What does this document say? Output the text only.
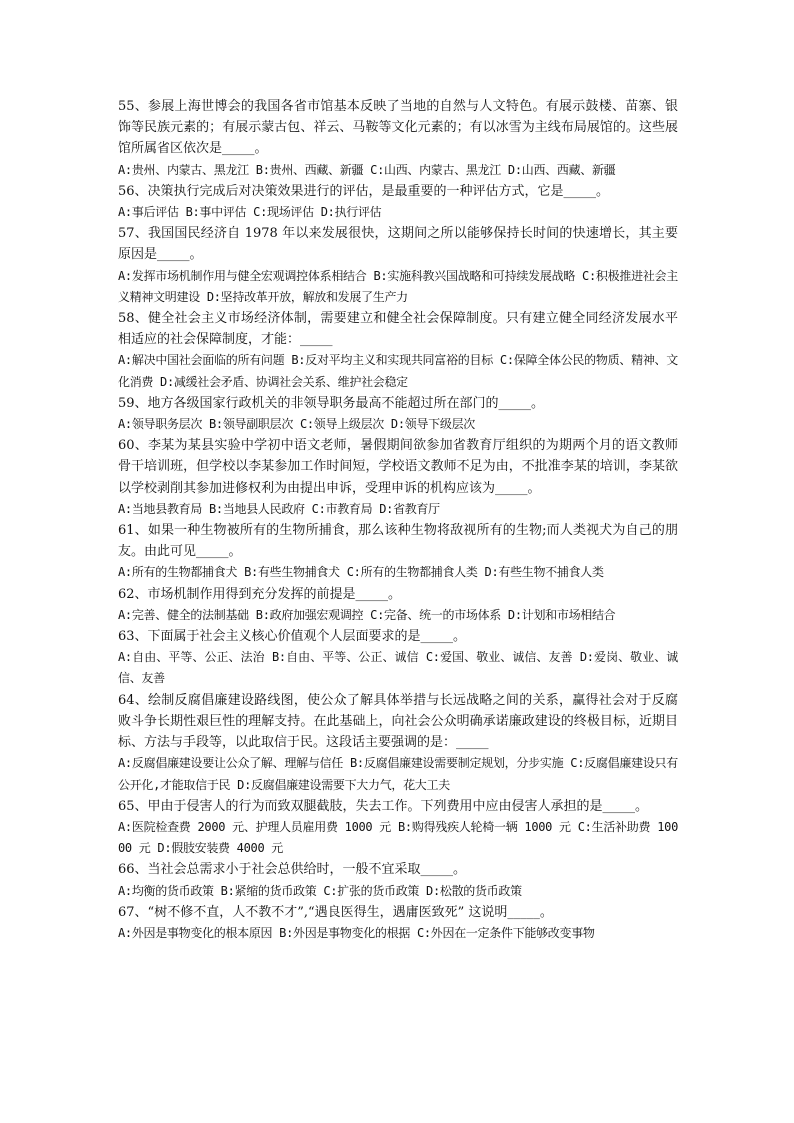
55、参展上海世博会的我国各省市馆基本反映了当地的自然与人文特色。有展示鼓楼、苗寨、银饰等民族元素的；有展示蒙古包、祥云、马鞍等文化元素的；有以冰雪为主线布局展馆的。这些展馆所属省区依次是_____。

A:贵州、内蒙古、黑龙江 B:贵州、西藏、新疆 C:山西、内蒙古、黑龙江 D:山西、西藏、新疆

56、决策执行完成后对决策效果进行的评估，是最重要的一种评估方式，它是_____。

A:事后评估 B:事中评估 C:现场评估 D:执行评估

57、我国国民经济自 1978 年以来发展很快，这期间之所以能够保持长时间的快速增长，其主要原因是_____。

A:发挥市场机制作用与健全宏观调控体系相结合 B:实施科教兴国战略和可持续发展战略 C:积极推进社会主义精神文明建设 D:坚持改革开放，解放和发展了生产力

58、健全社会主义市场经济体制，需要建立和健全社会保障制度。只有建立健全同经济发展水平相适应的社会保障制度，才能：_____

A:解决中国社会面临的所有问题 B:反对平均主义和实现共同富裕的目标 C:保障全体公民的物质、精神、文化消费 D:减缓社会矛盾、协调社会关系、维护社会稳定

59、地方各级国家行政机关的非领导职务最高不能超过所在部门的_____。

A:领导职务层次 B:领导副职层次 C:领导上级层次 D:领导下级层次

60、李某为某县实验中学初中语文老师，暑假期间欲参加省教育厅组织的为期两个月的语文教师骨干培训班，但学校以李某参加工作时间短，学校语文教师不足为由，不批准李某的培训，李某欲以学校剥削其参加进修权利为由提出申诉，受理申诉的机构应该为_____。

A:当地县教育局 B:当地县人民政府 C:市教育局 D:省教育厅

61、如果一种生物被所有的生物所捕食，那么该种生物将敌视所有的生物;而人类视犬为自己的朋友。由此可见_____。

A:所有的生物都捕食犬 B:有些生物捕食犬 C:所有的生物都捕食人类 D:有些生物不捕食人类

62、市场机制作用得到充分发挥的前提是_____。

A:完善、健全的法制基础 B:政府加强宏观调控 C:完备、统一的市场体系 D:计划和市场相结合

63、下面属于社会主义核心价值观个人层面要求的是_____。

A:自由、平等、公正、法治 B:自由、平等、公正、诚信 C:爱国、敬业、诚信、友善 D:爱岗、敬业、诚信、友善

64、绘制反腐倡廉建设路线图，使公众了解具体举措与长远战略之间的关系，赢得社会对于反腐败斗争长期性艰巨性的理解支持。在此基础上，向社会公众明确承诺廉政建设的终极目标，近期目标、方法与手段等，以此取信于民。这段话主要强调的是：_____

A:反腐倡廉建设要让公众了解、理解与信任 B:反腐倡廉建设需要制定规划，分步实施 C:反腐倡廉建设只有公开化,才能取信于民 D:反腐倡廉建设需要下大力气，花大工夫

65、甲由于侵害人的行为而致双腿截肢，失去工作。下列费用中应由侵害人承担的是_____。

A:医院检查费 2000 元、护理人员雇用费 1000 元 B:购得残疾人轮椅一辆 1000 元 C:生活补助费 10000 元 D:假肢安装费 4000 元

66、当社会总需求小于社会总供给时，一般不宜采取_____。

A:均衡的货币政策 B:紧缩的货币政策 C:扩张的货币政策 D:松散的货币政策

67、“树不修不直，人不教不才”,“遇良医得生，遇庸医致死” 这说明_____。

A:外因是事物变化的根本原因 B:外因是事物变化的根据 C:外因在一定条件下能够改变事物
